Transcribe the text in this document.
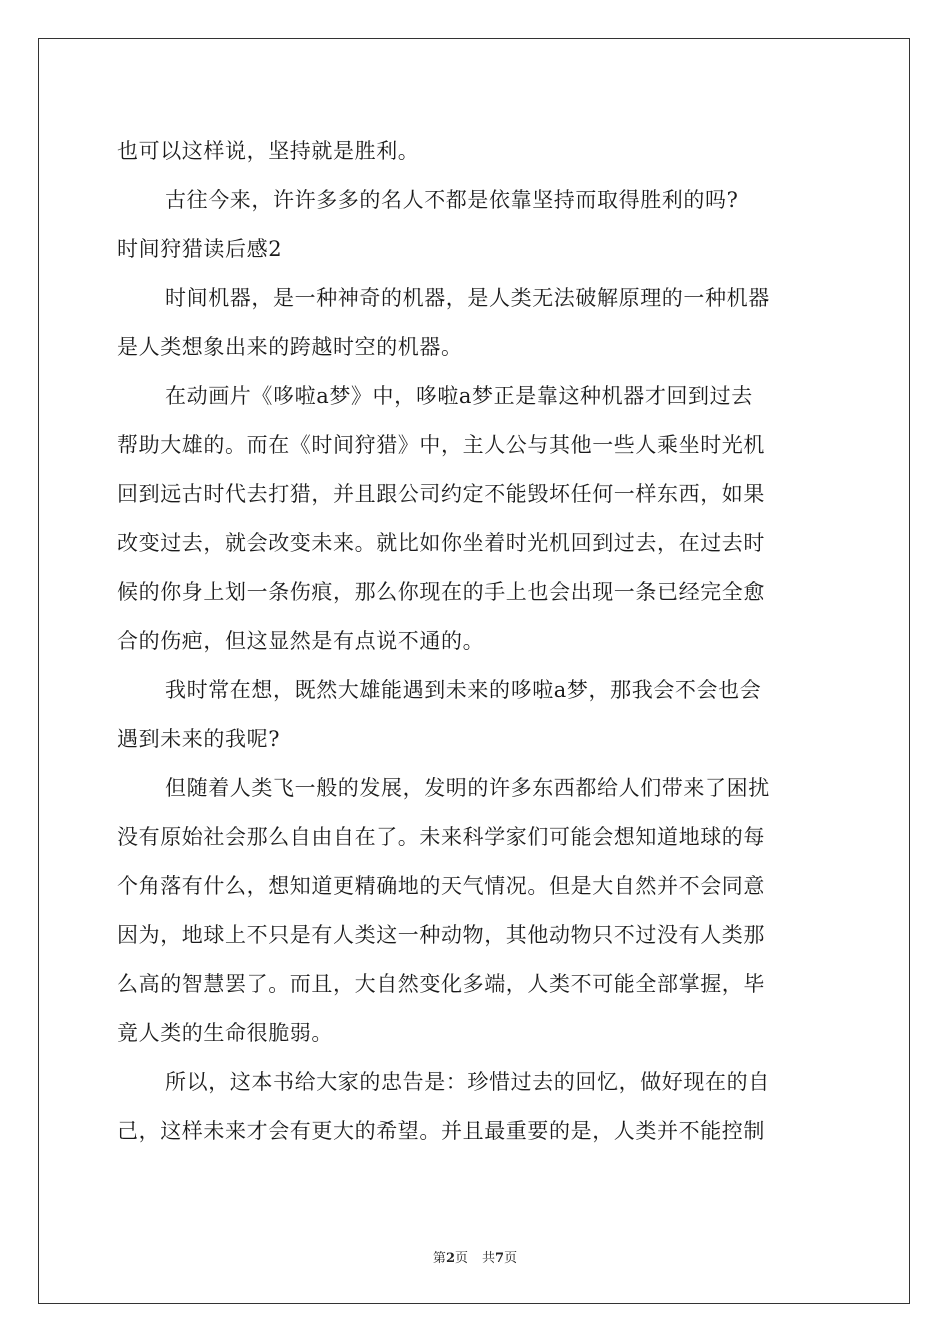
也可以这样说，坚持就是胜利。
古往今来，许许多多的名人不都是依靠坚持而取得胜利的吗?
时间狩猎读后感2
时间机器，是一种神奇的机器，是人类无法破解原理的一种机器
是人类想象出来的跨越时空的机器。
在动画片《哆啦a梦》中，哆啦a梦正是靠这种机器才回到过去
帮助大雄的。而在《时间狩猎》中，主人公与其他一些人乘坐时光机
回到远古时代去打猎，并且跟公司约定不能毁坏任何一样东西，如果
改变过去，就会改变未来。就比如你坐着时光机回到过去，在过去时
候的你身上划一条伤痕，那么你现在的手上也会出现一条已经完全愈
合的伤疤，但这显然是有点说不通的。
我时常在想，既然大雄能遇到未来的哆啦a梦，那我会不会也会
遇到未来的我呢?
但随着人类飞一般的发展，发明的许多东西都给人们带来了困扰
没有原始社会那么自由自在了。未来科学家们可能会想知道地球的每
个角落有什么，想知道更精确地的天气情况。但是大自然并不会同意
因为，地球上不只是有人类这一种动物，其他动物只不过没有人类那
么高的智慧罢了。而且，大自然变化多端，人类不可能全部掌握，毕
竟人类的生命很脆弱。
所以，这本书给大家的忠告是：珍惜过去的回忆，做好现在的自
己，这样未来才会有更大的希望。并且最重要的是，人类并不能控制
第2页 共7页
